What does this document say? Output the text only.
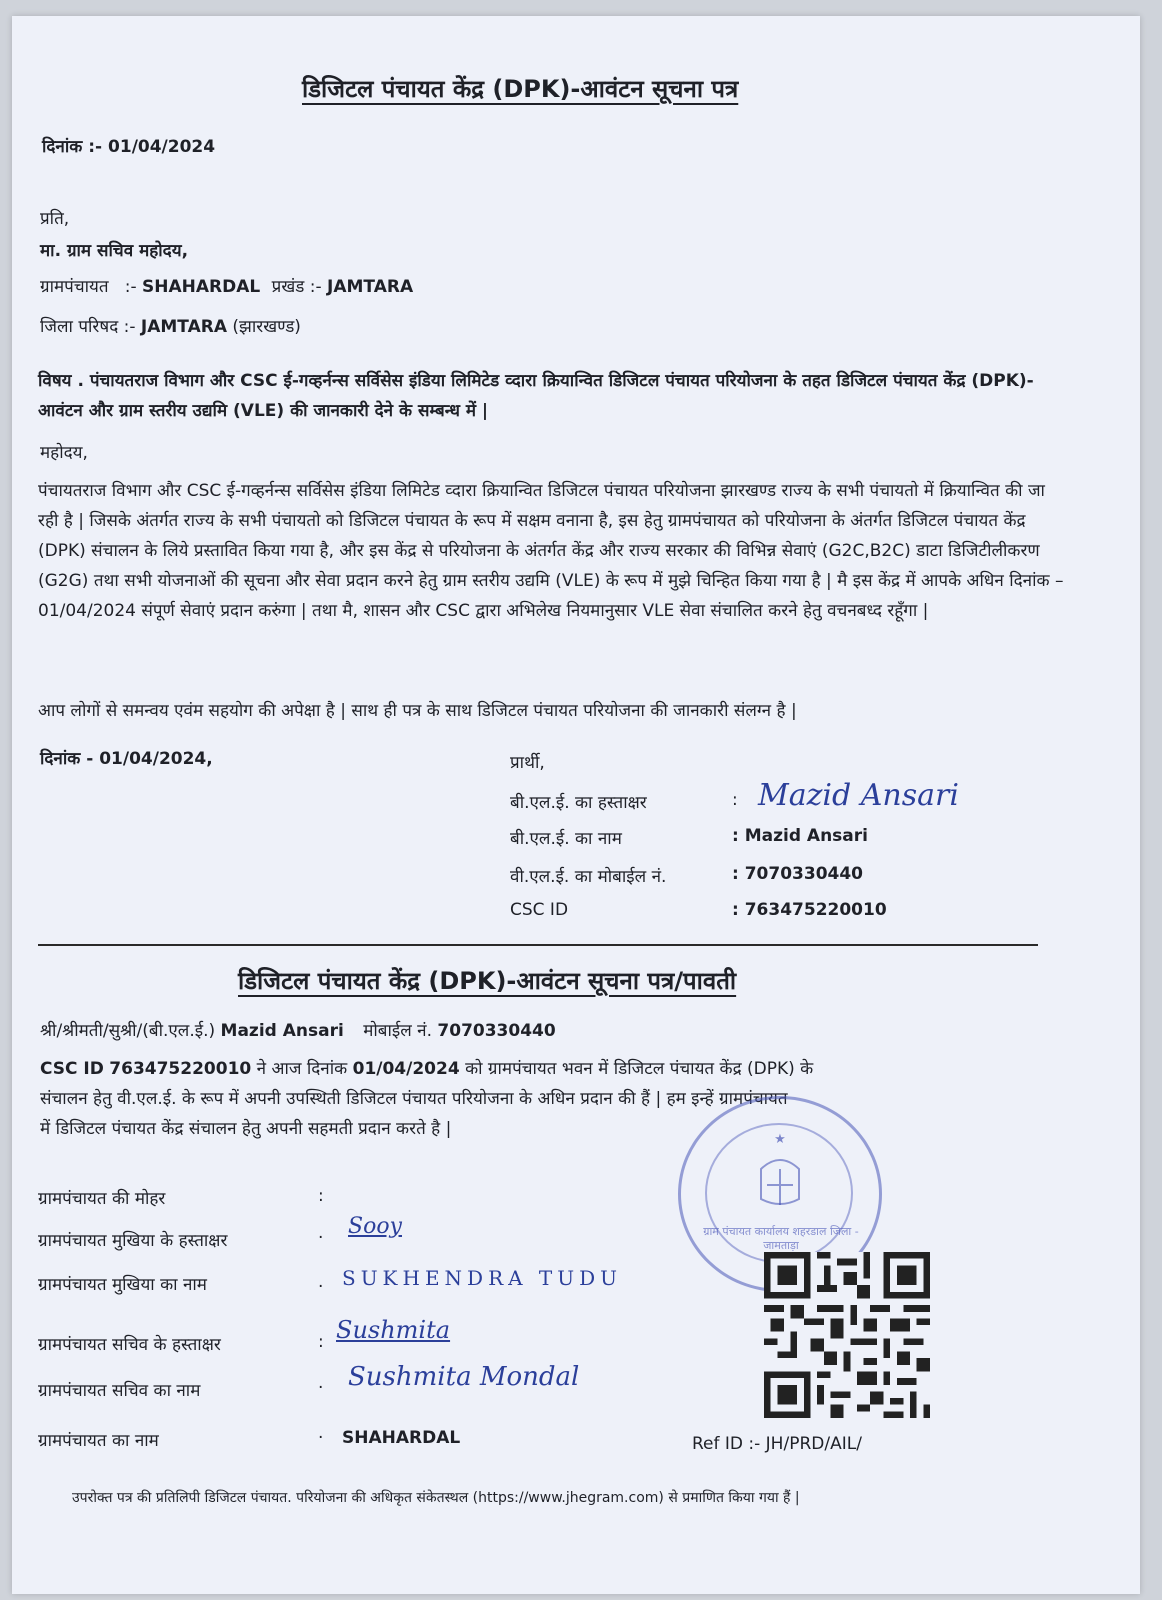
डिजिटल पंचायत केंद्र (DPK)-आवंटन सूचना पत्र
दिनांक :- 01/04/2024
प्रति,
मा. ग्राम सचिव महोदय,
ग्रामपंचायत   :- SHAHARDAL प्रखंड :- JAMTARA
जिला परिषद :- JAMTARA (झारखण्ड)
विषय . पंचायतराज विभाग और CSC ई-गव्हर्नन्स सर्विसेस इंडिया लिमिटेड व्दारा क्रियान्वित डिजिटल पंचायत परियोजना के तहत डिजिटल पंचायत केंद्र (DPK)-आवंटन और ग्राम स्तरीय उद्यमि (VLE) की जानकारी देने के सम्बन्ध में |
महोदय,
पंचायतराज विभाग और CSC ई-गव्हर्नन्स सर्विसेस इंडिया लिमिटेड व्दारा क्रियान्वित डिजिटल पंचायत परियोजना झारखण्ड राज्य के सभी पंचायतो में क्रियान्वित की जा रही है | जिसके अंतर्गत राज्य के सभी पंचायतो को डिजिटल पंचायत के रूप में सक्षम वनाना है, इस हेतु ग्रामपंचायत को परियोजना के अंतर्गत डिजिटल पंचायत केंद्र (DPK) संचालन के लिये प्रस्तावित किया गया है, और इस केंद्र से परियोजना के अंतर्गत केंद्र और राज्य सरकार की विभिन्न सेवाएं (G2C,B2C) डाटा डिजिटीलीकरण (G2G) तथा सभी योजनाओं की सूचना और सेवा प्रदान करने हेतु ग्राम स्तरीय उद्यमि (VLE) के रूप में मुझे चिन्हित किया गया है | मै इस केंद्र में आपके अधिन दिनांक – 01/04/2024 संपूर्ण सेवाएं प्रदान करुंगा | तथा मै, शासन और CSC द्वारा अभिलेख नियमानुसार VLE सेवा संचालित करने हेतु वचनबध्द रहूँगा |
आप लोगों से समन्वय एवंम सहयोग की अपेक्षा है | साथ ही पत्र के साथ डिजिटल पंचायत परियोजना की जानकारी संलग्न है |
दिनांक - 01/04/2024,	प्रार्थी,
बी.एल.ई. का हस्ताक्षर	: Mazid Ansari
बी.एल.ई. का नाम	: Mazid Ansari
वी.एल.ई. का मोबाईल नं.	: 7070330440
CSC ID	: 763475220010
डिजिटल पंचायत केंद्र (DPK)-आवंटन सूचना पत्र/पावती
श्री/श्रीमती/सुश्री/(बी.एल.ई.) Mazid Ansari मोबाईल नं. 7070330440
CSC ID 763475220010 ने आज दिनांक 01/04/2024 को ग्रामपंचायत भवन में डिजिटल पंचायत केंद्र (DPK) के
संचालन हेतु वी.एल.ई. के रूप में अपनी उपस्थिती डिजिटल पंचायत परियोजना के अधिन प्रदान की हैं | हम इन्हें ग्रामपंचायत
में डिजिटल पंचायत केंद्र संचालन हेतु अपनी सहमती प्रदान करते है |
★
ग्राम पंचायत कार्यालय शहरडाल जिला - जामताड़ा
ग्रामपंचायत की मोहर	:
ग्रामपंचायत मुखिया के हस्ताक्षर	· Sooy
ग्रामपंचायत मुखिया का नाम	. SUKHENDRA TUDU
ग्रामपंचायत सचिव के हस्ताक्षर	: Sushmita
ग्रामपंचायत सचिव का नाम	· Sushmita Mondal
ग्रामपंचायत का नाम	· SHAHARDAL	Ref ID :- JH/PRD/AIL/
उपरोक्त पत्र की प्रतिलिपी डिजिटल पंचायत. परियोजना की अधिकृत संकेतस्थल (https://www.jhegram.com) से प्रमाणित किया गया हैं |
